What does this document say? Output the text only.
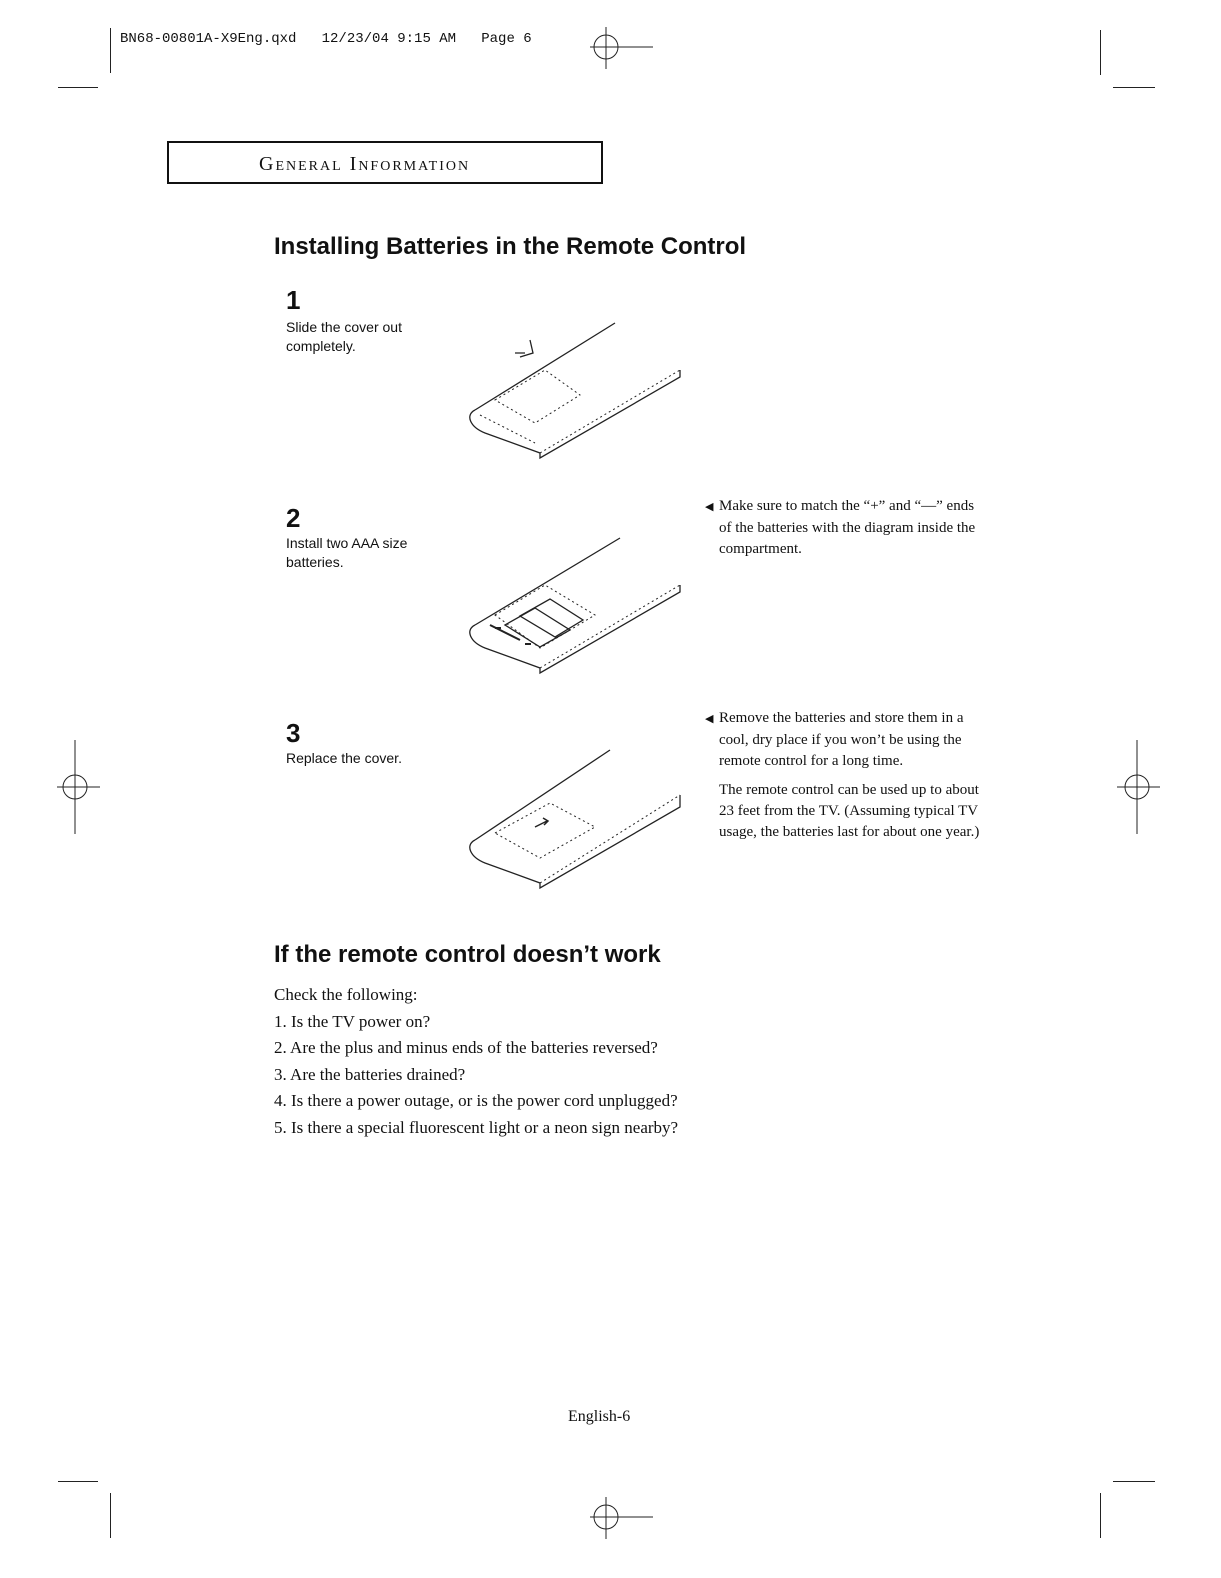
BN68-00801A-X9Eng.qxd   12/23/04 9:15 AM   Page 6
General Information
Installing Batteries in the Remote Control
1
Slide the cover out completely.
2
Install two AAA size batteries.

◀ Make sure to match the “+” and “—” ends of the batteries with the diagram inside the compartment.

3
Replace the cover.

◀ Remove the batteries and store them in a cool, dry place if you won’t be using the remote control for a long time.

The remote control can be used up to about 23 feet from the TV. (Assuming typical TV usage, the batteries last for about one year.)

If the remote control doesn’t work
Check the following:
1. Is the TV power on?
2. Are the plus and minus ends of the batteries reversed?
3. Are the batteries drained?
4. Is there a power outage, or is the power cord unplugged?
5. Is there a special fluorescent light or a neon sign nearby?
English-6
